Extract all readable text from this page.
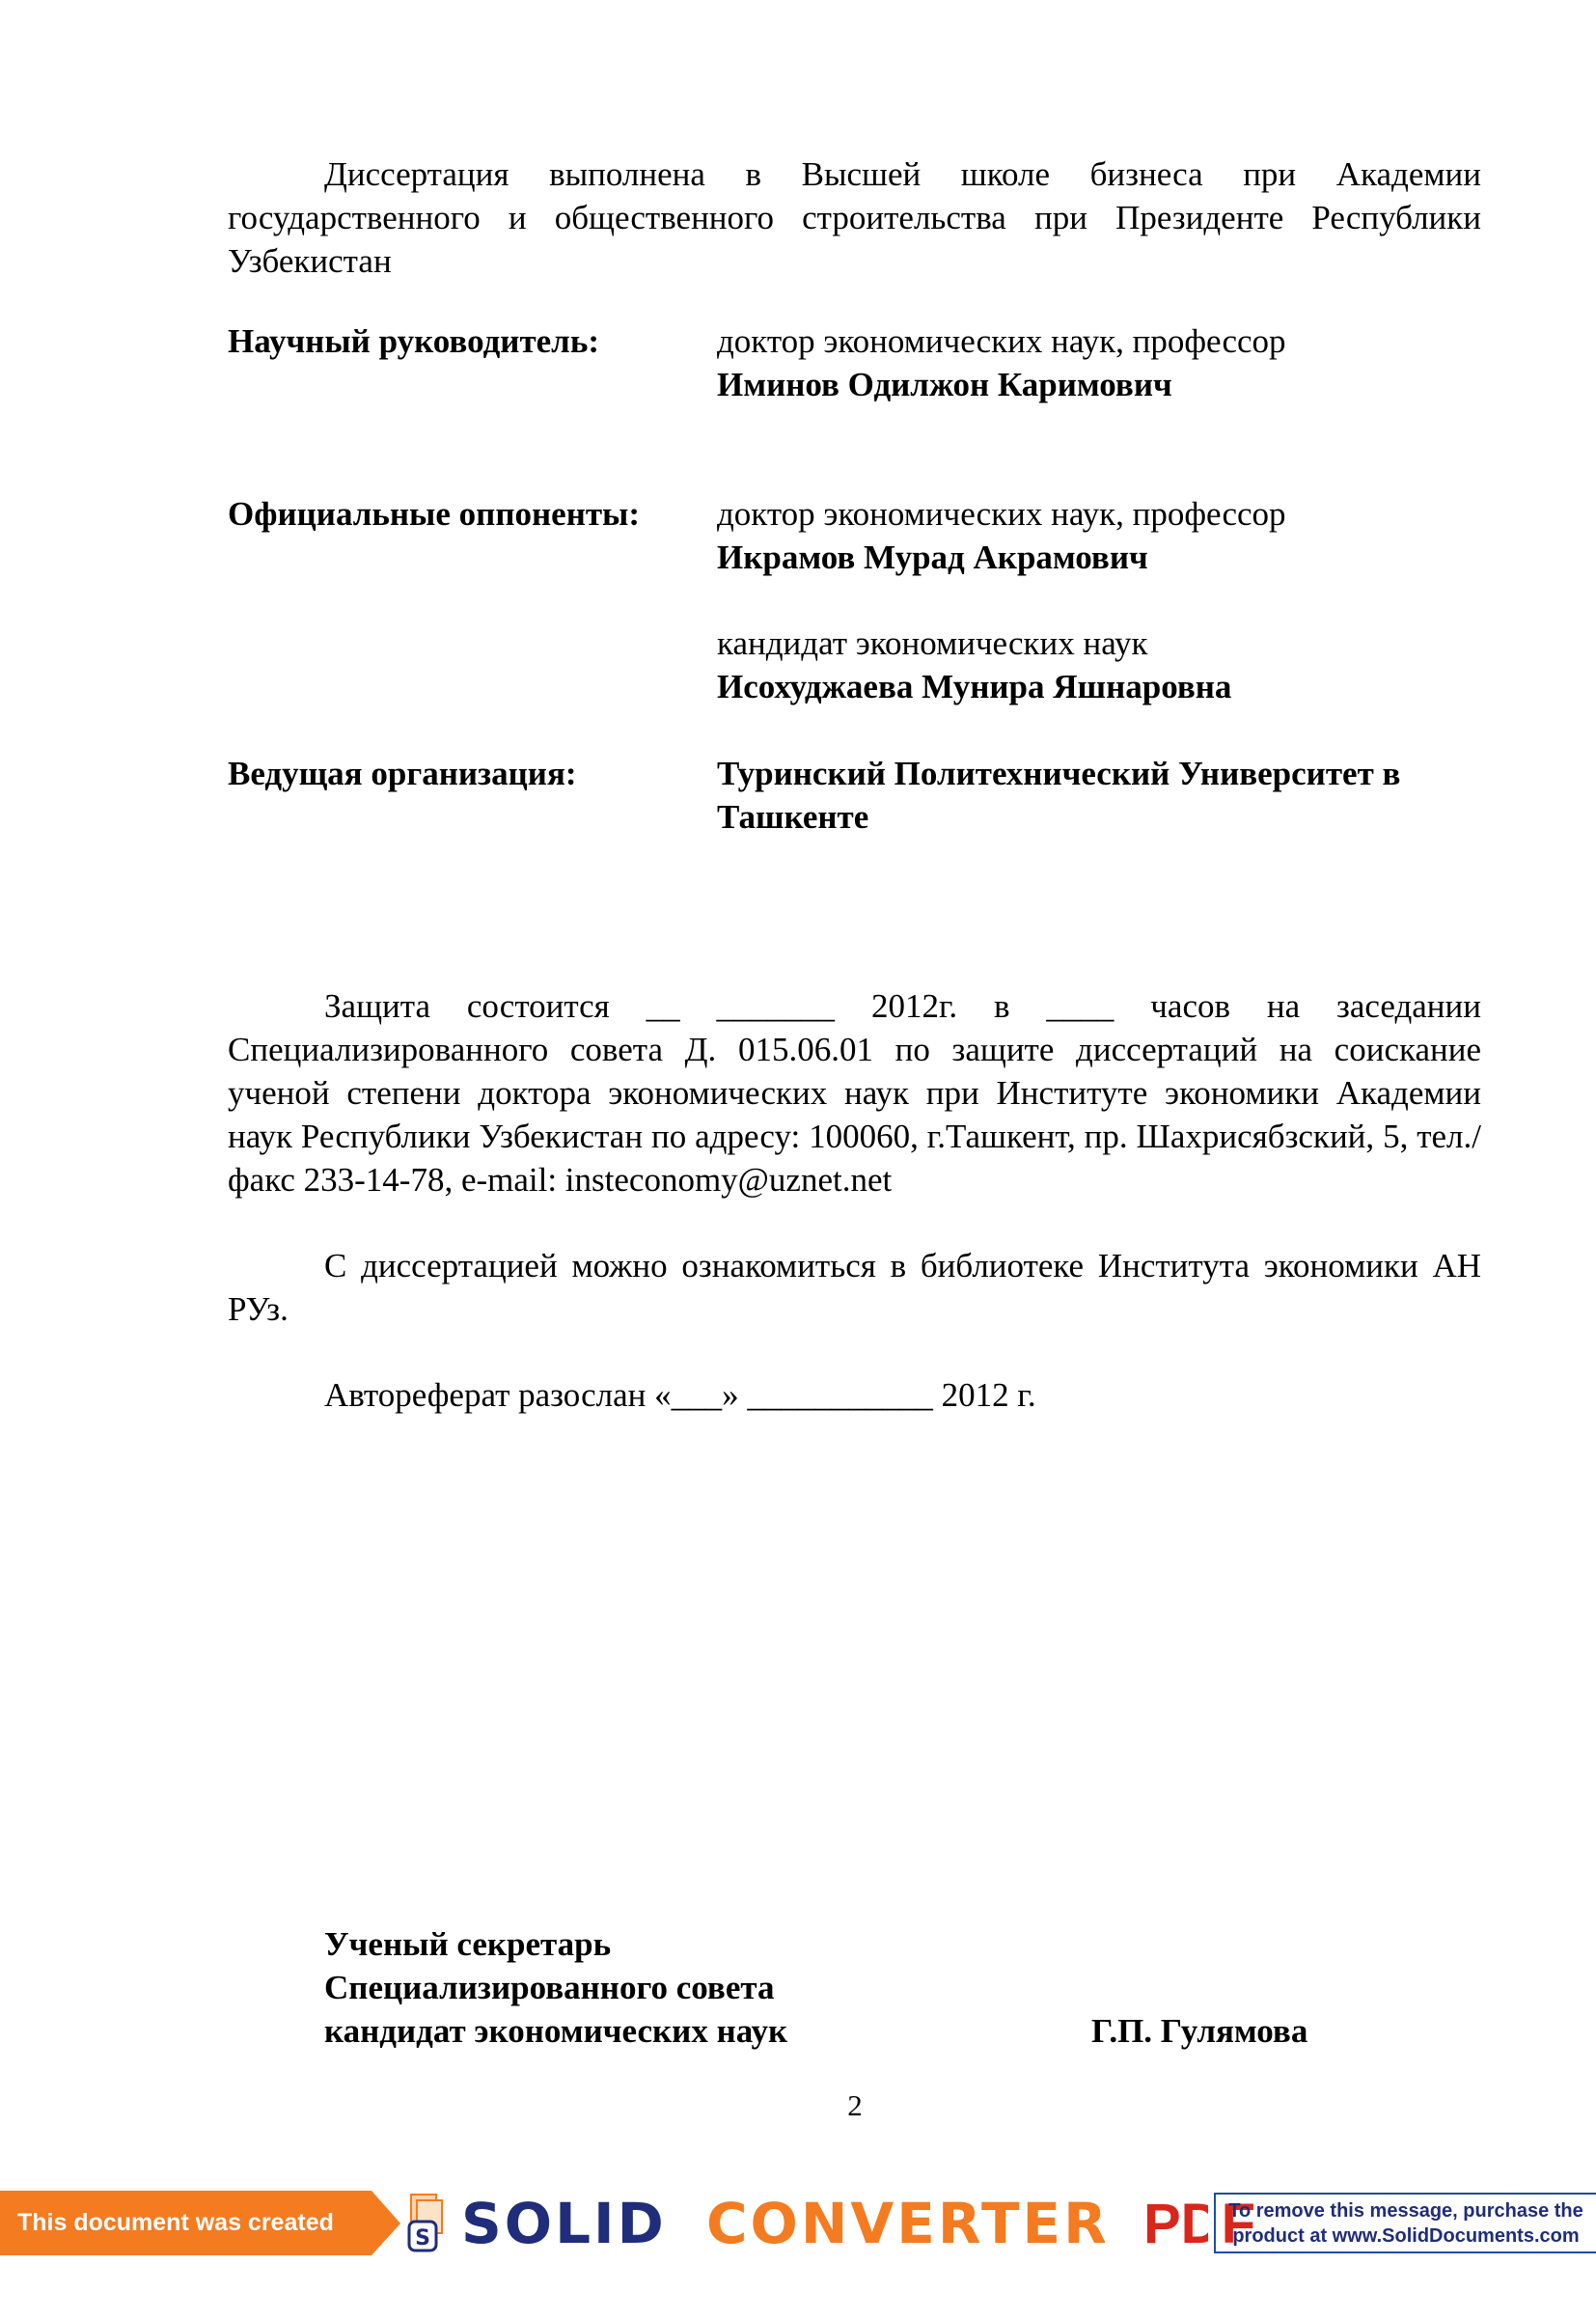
Диссертация выполнена в Высшей школе бизнеса при Академии государственного и общественного строительства при Президенте Республики Узбекистан
Научный руководитель:	доктор экономических наук, профессор
Иминов Одилжон Каримович
Официальные оппоненты: доктор экономических наук, профессор
Икрамов Мурад Акрамович
кандидат экономических наук
Исохуджаева Мунира Яшнаровна
Ведущая организация:	Туринский Политехнический Университет в
Ташкенте
Защита состоится __ _______ 2012г. в ____ часов на заседании Специализированного совета Д. 015.06.01 по защите диссертаций на соискание ученой степени доктора экономических наук при Институте экономики Академии наук Республики Узбекистан по адресу: 100060, г.Ташкент, пр. Шахрисябзский, 5, тел./факс 233-14-78, e-mail: insteconomy@uznet.net
С диссертацией можно ознакомиться в библиотеке Института экономики АН РУз.
Автореферат разослан «___» ___________ 2012 г.
Ученый секретарь
Специализированного совета
кандидат экономических наук	Г.П. Гулямова
2
This document was created using
S SOLID CONVERTER PDF
To remove this message, purchase the
product at www.SolidDocuments.com
